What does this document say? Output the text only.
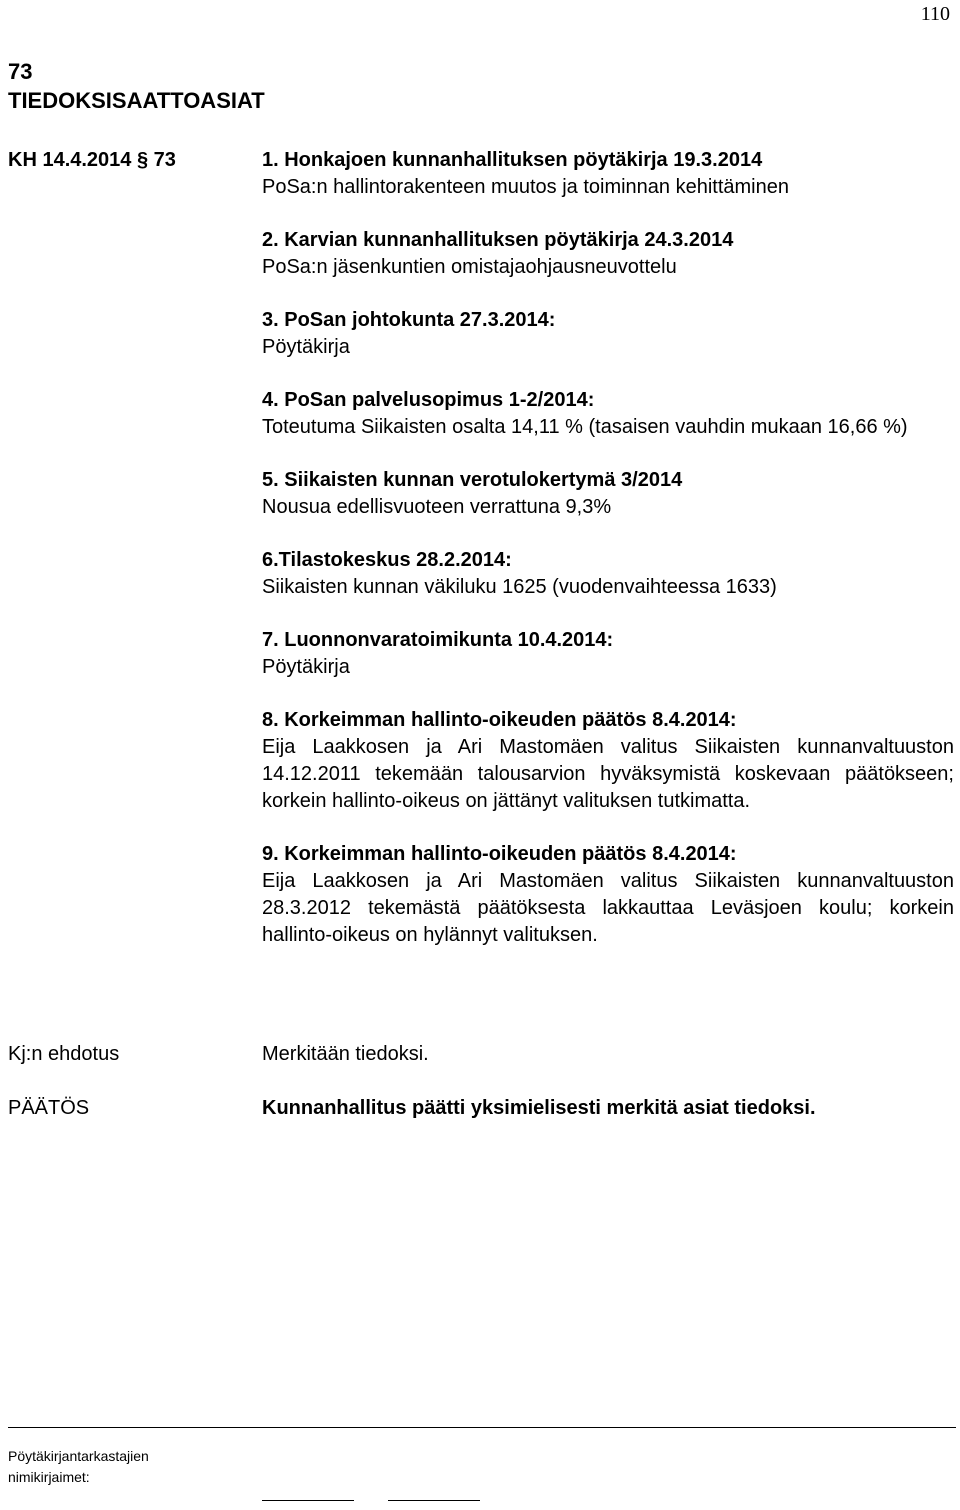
110
73
TIEDOKSISAATTOASIAT
KH 14.4.2014 § 73	1. Honkajoen kunnanhallituksen pöytäkirja 19.3.2014
PoSa:n hallintorakenteen muutos ja toiminnan kehittäminen
2. Karvian kunnanhallituksen pöytäkirja 24.3.2014
PoSa:n jäsenkuntien omistajaohjausneuvottelu
3. PoSan johtokunta 27.3.2014:
Pöytäkirja
4. PoSan palvelusopimus 1-2/2014:
Toteutuma Siikaisten osalta 14,11 % (tasaisen vauhdin mukaan 16,66 %)
5. Siikaisten kunnan verotulokertymä 3/2014
Nousua edellisvuoteen verrattuna 9,3%
6.Tilastokeskus 28.2.2014:
Siikaisten kunnan väkiluku 1625 (vuodenvaihteessa 1633)
7. Luonnonvaratoimikunta 10.4.2014:
Pöytäkirja
8. Korkeimman hallinto-oikeuden päätös 8.4.2014:
Eija Laakkosen ja Ari Mastomäen valitus Siikaisten kunnanvaltuuston 14.12.2011 tekemään talousarvion hyväksymistä koskevaan päätökseen; korkein hallinto-oikeus on jättänyt valituksen tutkimatta.
9. Korkeimman hallinto-oikeuden päätös 8.4.2014:
Eija Laakkosen ja Ari Mastomäen valitus Siikaisten kunnanvaltuuston 28.3.2012 tekemästä päätöksesta lakkauttaa Leväsjoen koulu; korkein hallinto-oikeus on hylännyt valituksen.
Kj:n ehdotus	Merkitään tiedoksi.
PÄÄTÖS	Kunnanhallitus päätti yksimielisesti merkitä asiat tiedoksi.
Pöytäkirjantarkastajien
nimikirjaimet:
